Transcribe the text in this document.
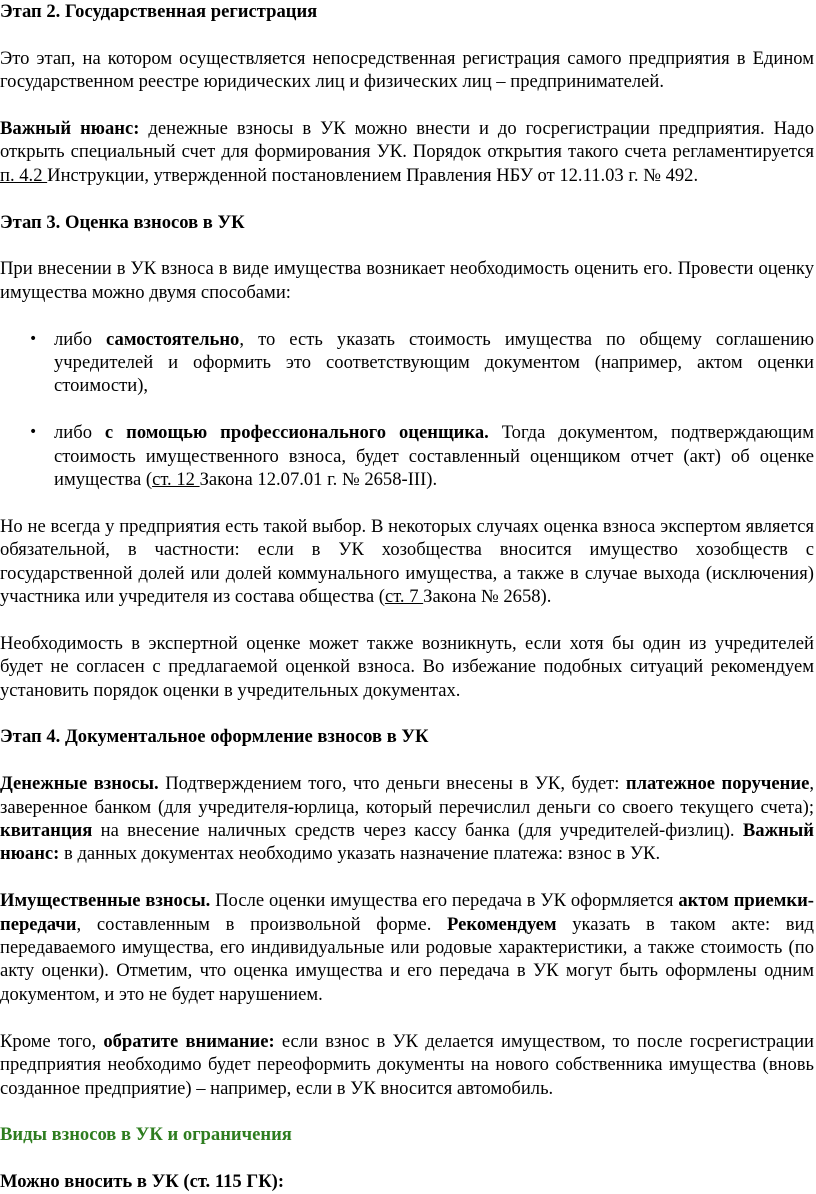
Этап 2. Государственная регистрация

Это этап, на котором осуществляется непосредственная регистрация самого предприятия в Едином государственном реестре юридических лиц и физических лиц – предпринимателей.

Важный нюанс: денежные взносы в УК можно внести и до госрегистрации предприятия. Надо открыть специальный счет для формирования УК. Порядок открытия такого счета регламентируется п. 4.2 Инструкции, утвержденной постановлением Правления НБУ от 12.11.03 г. № 492.

Этап 3. Оценка взносов в УК

При внесении в УК взноса в виде имущества возникает необходимость оценить его. Провести оценку имущества можно двумя способами:

• либо самостоятельно, то есть указать стоимость имущества по общему соглашению учредителей и оформить это соответствующим документом (например, актом оценки стоимости),
• либо с помощью профессионального оценщика. Тогда документом, подтверждающим стоимость имущественного взноса, будет составленный оценщиком отчет (акт) об оценке имущества (ст. 12 Закона 12.07.01 г. № 2658-III).

Но не всегда у предприятия есть такой выбор. В некоторых случаях оценка взноса экспертом является обязательной, в частности: если в УК хозобщества вносится имущество хозобществ с государственной долей или долей коммунального имущества, а также в случае выхода (исключения) участника или учредителя из состава общества (ст. 7 Закона № 2658).

Необходимость в экспертной оценке может также возникнуть, если хотя бы один из учредителей будет не согласен с предлагаемой оценкой взноса. Во избежание подобных ситуаций рекомендуем установить порядок оценки в учредительных документах.

Этап 4. Документальное оформление взносов в УК

Денежные взносы. Подтверждением того, что деньги внесены в УК, будет: платежное поручение, заверенное банком (для учредителя-юрлица, который перечислил деньги со своего текущего счета); квитанция на внесение наличных средств через кассу банка (для учредителей-физлиц). Важный нюанс: в данных документах необходимо указать назначение платежа: взнос в УК.

Имущественные взносы. После оценки имущества его передача в УК оформляется актом приемки-передачи, составленным в произвольной форме. Рекомендуем указать в таком акте: вид передаваемого имущества, его индивидуальные или родовые характеристики, а также стоимость (по акту оценки). Отметим, что оценка имущества и его передача в УК могут быть оформлены одним документом, и это не будет нарушением.

Кроме того, обратите внимание: если взнос в УК делается имуществом, то после госрегистрации предприятия необходимо будет переоформить документы на нового собственника имущества (вновь созданное предприятие) – например, если в УК вносится автомобиль.

Виды взносов в УК и ограничения

Можно вносить в УК (ст. 115 ГК):
